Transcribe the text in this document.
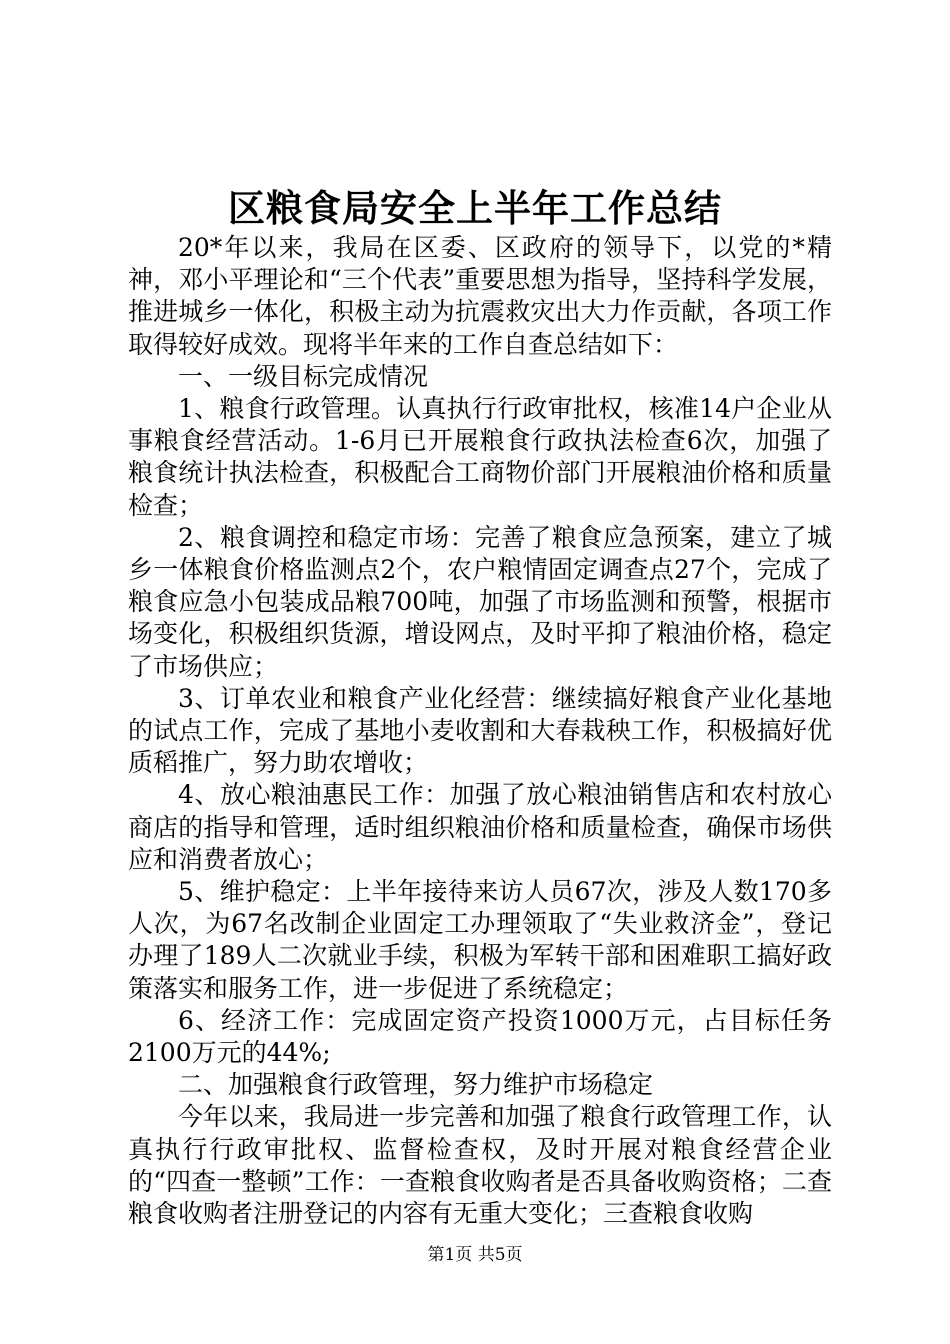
区粮食局安全上半年工作总结

20*年以来，我局在区委、区政府的领导下，以党的*精神，邓小平理论和“三个代表”重要思想为指导，坚持科学发展，推进城乡一体化，积极主动为抗震救灾出大力作贡献，各项工作取得较好成效。现将半年来的工作自查总结如下：

一、一级目标完成情况

1、粮食行政管理。认真执行行政审批权，核准14户企业从事粮食经营活动。1-6月已开展粮食行政执法检查6次，加强了粮食统计执法检查，积极配合工商物价部门开展粮油价格和质量检查；

2、粮食调控和稳定市场：完善了粮食应急预案，建立了城乡一体粮食价格监测点2个，农户粮情固定调查点27个，完成了粮食应急小包装成品粮700吨，加强了市场监测和预警，根据市场变化，积极组织货源，增设网点，及时平抑了粮油价格，稳定了市场供应；

3、订单农业和粮食产业化经营：继续搞好粮食产业化基地的试点工作，完成了基地小麦收割和大春栽秧工作，积极搞好优质稻推广，努力助农增收；

4、放心粮油惠民工作：加强了放心粮油销售店和农村放心商店的指导和管理，适时组织粮油价格和质量检查，确保市场供应和消费者放心；

5、维护稳定：上半年接待来访人员67次，涉及人数170多人次，为67名改制企业固定工办理领取了“失业救济金”，登记办理了189人二次就业手续，积极为军转干部和困难职工搞好政策落实和服务工作，进一步促进了系统稳定；

6、经济工作：完成固定资产投资1000万元，占目标任务2100万元的44%;

二、加强粮食行政管理，努力维护市场稳定

今年以来，我局进一步完善和加强了粮食行政管理工作，认真执行行政审批权、监督检查权，及时开展对粮食经营企业的“四查一整顿”工作：一查粮食收购者是否具备收购资格；二查粮食收购者注册登记的内容有无重大变化；三查粮食收购

第1页 共5页
